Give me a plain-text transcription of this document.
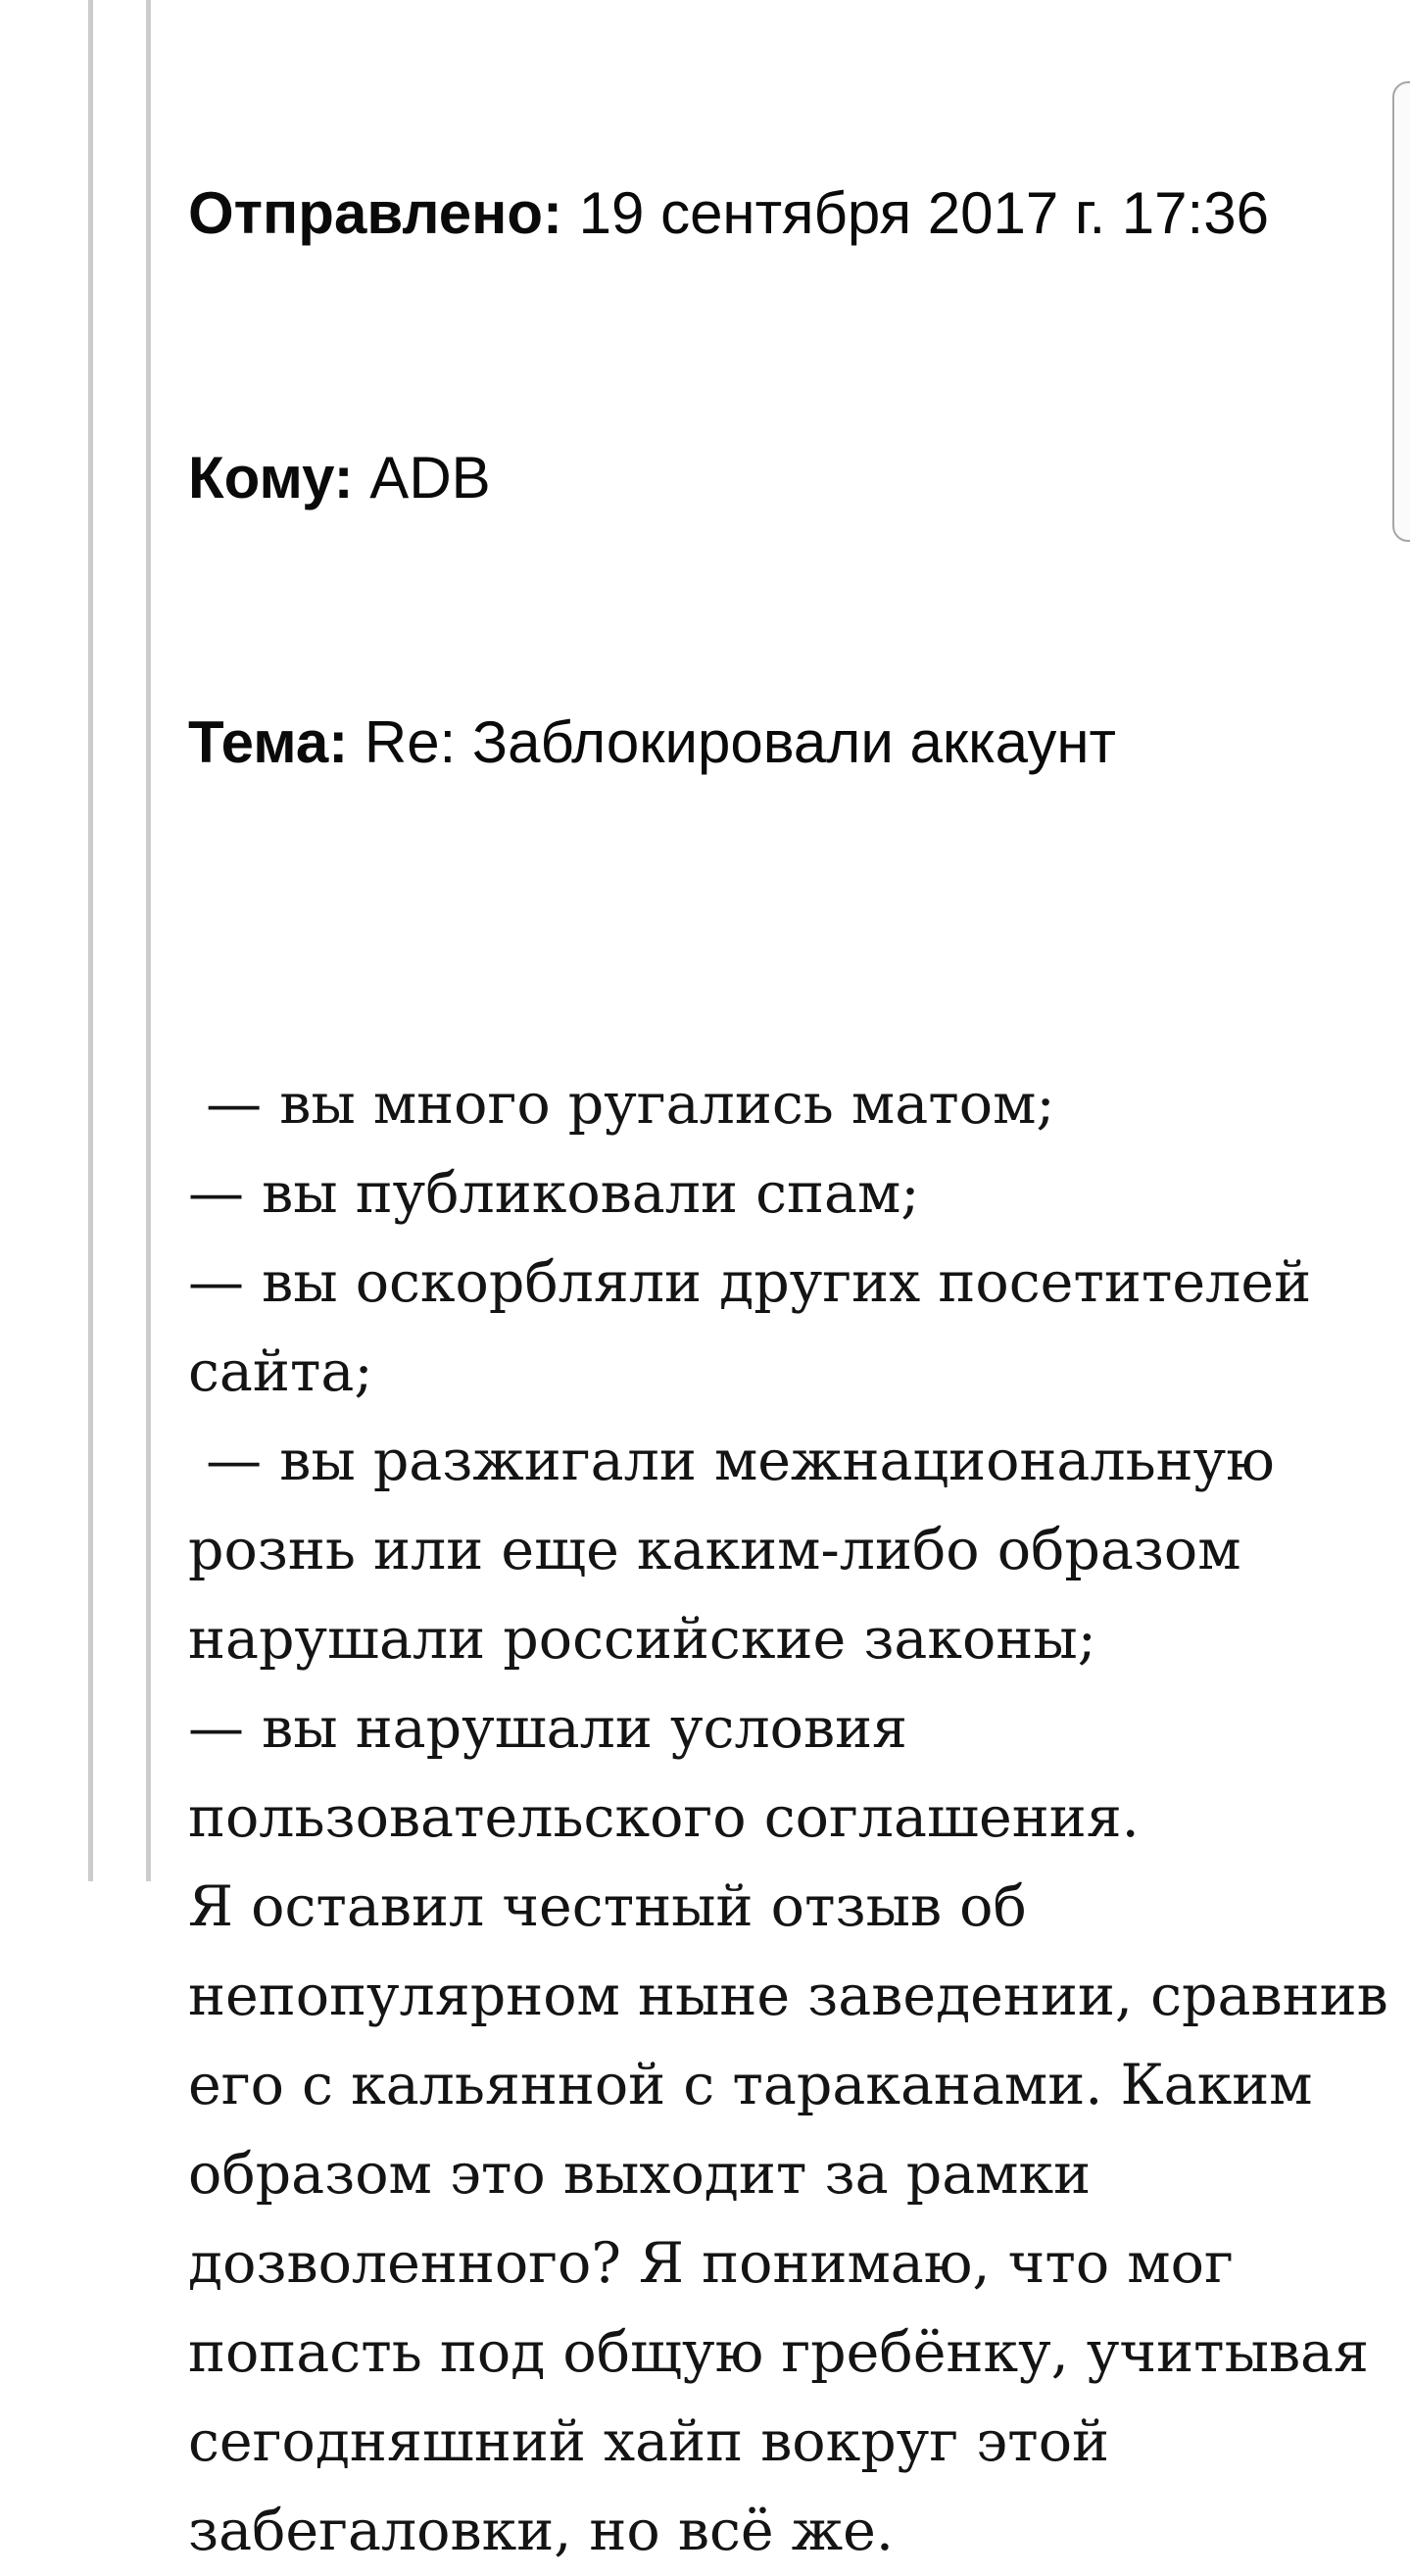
Отправлено: 19 сентября 2017 г. 17:36

Кому: ADB

Тема: Re: Заблокировали аккаунт

— вы много ругались матом;
— вы публиковали спам;
— вы оскорбляли других посетителей
сайта;
— вы разжигали межнациональную
рознь или еще каким-либо образом
нарушали российские законы;
— вы нарушали условия
пользовательского соглашения.
Я оставил честный отзыв об
непопулярном ныне заведении, сравнив
его с кальянной с тараканами. Каким
образом это выходит за рамки
дозволенного? Я понимаю, что мог
попасть под общую гребёнку, учитывая
сегодняшний хайп вокруг этой
забегаловки, но всё же.
